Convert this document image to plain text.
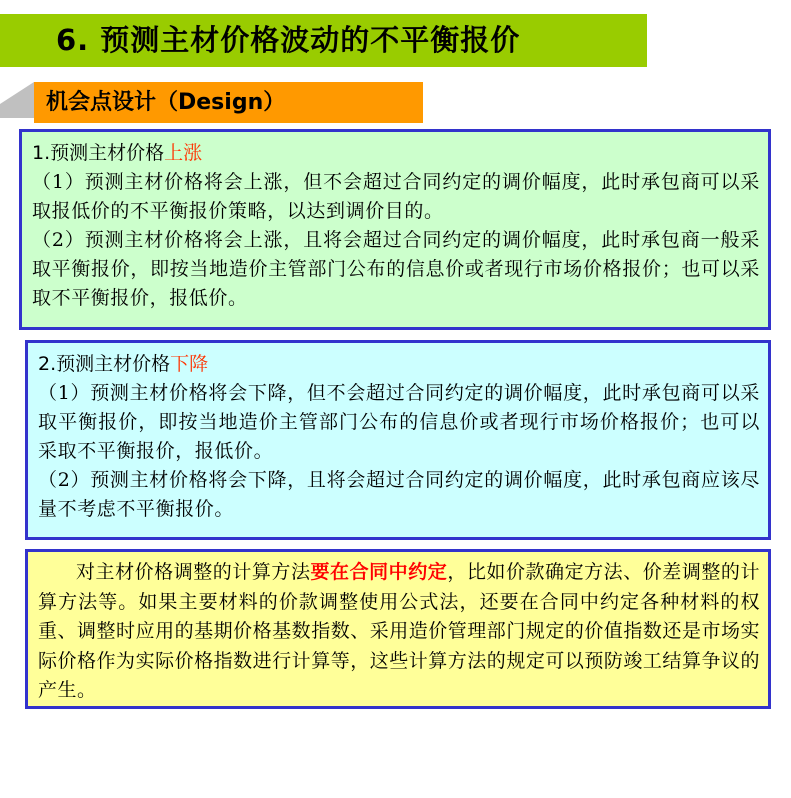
6. 预测主材价格波动的不平衡报价
机会点设计（Design）
1.预测主材价格上涨

（1）预测主材价格将会上涨，但不会超过合同约定的调价幅度，此时承包商可以采取报低价的不平衡报价策略，以达到调价目的。

（2）预测主材价格将会上涨，且将会超过合同约定的调价幅度，此时承包商一般采取平衡报价，即按当地造价主管部门公布的信息价或者现行市场价格报价；也可以采取不平衡报价，报低价。

2.预测主材价格下降

（1）预测主材价格将会下降，但不会超过合同约定的调价幅度，此时承包商可以采取平衡报价，即按当地造价主管部门公布的信息价或者现行市场价格报价；也可以采取不平衡报价，报低价。

（2）预测主材价格将会下降，且将会超过合同约定的调价幅度，此时承包商应该尽量不考虑不平衡报价。

对主材价格调整的计算方法要在合同中约定，比如价款确定方法、价差调整的计算方法等。如果主要材料的价款调整使用公式法，还要在合同中约定各种材料的权重、调整时应用的基期价格基数指数、采用造价管理部门规定的价值指数还是市场实际价格作为实际价格指数进行计算等，这些计算方法的规定可以预防竣工结算争议的产生。
